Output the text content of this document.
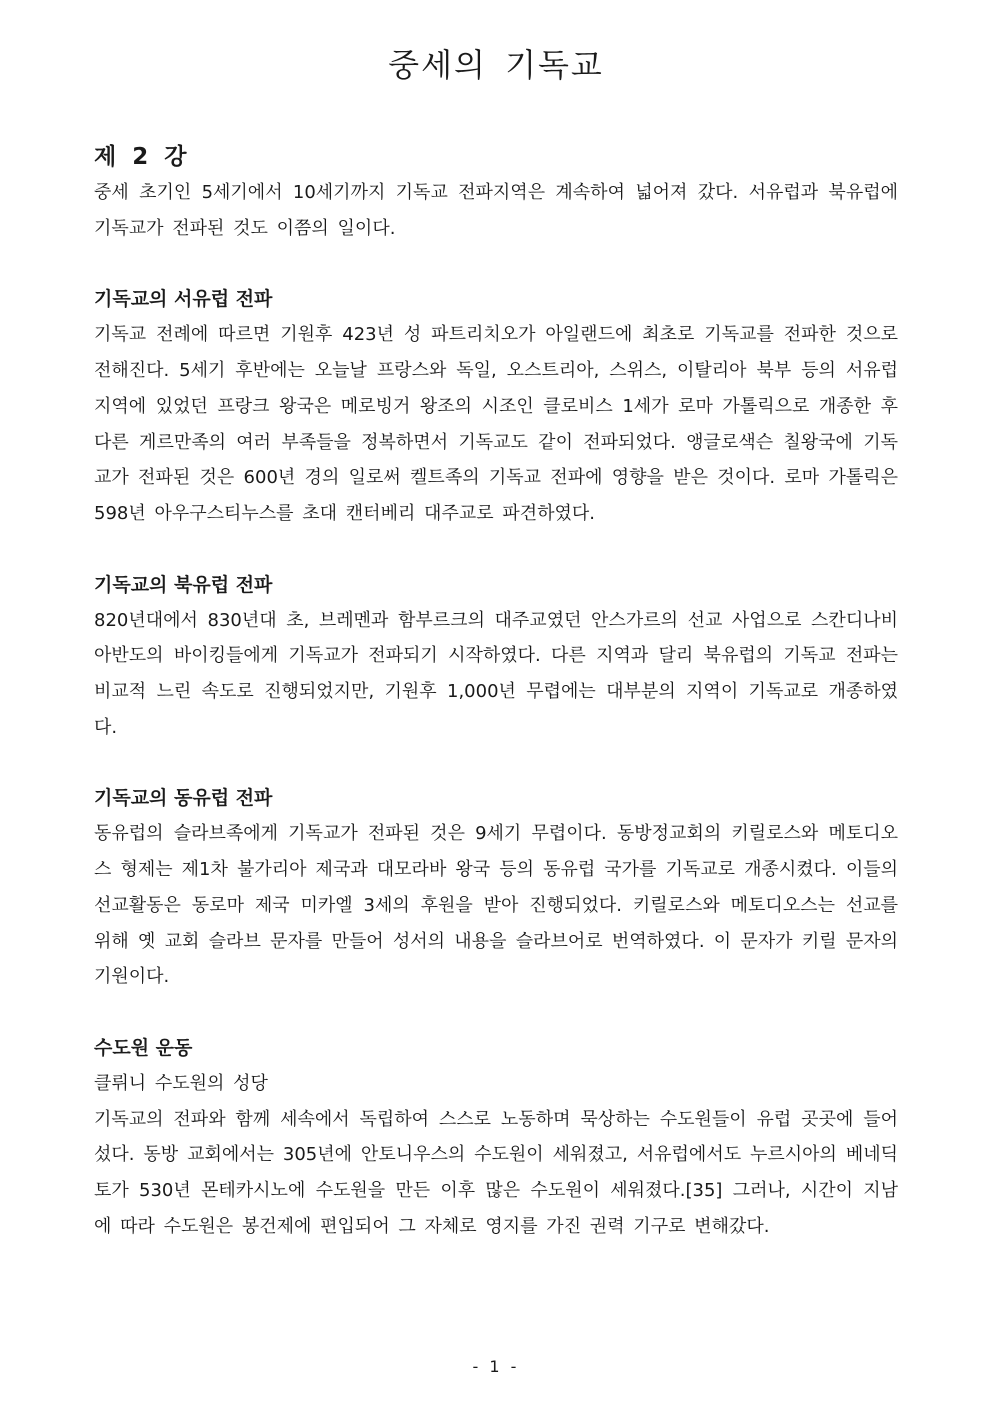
중세의 기독교
제 2 강

중세 초기인 5세기에서 10세기까지 기독교 전파지역은 계속하여 넓어져 갔다. 서유럽과 북유럽에 기독교가 전파된 것도 이쯤의 일이다.

기독교의 서유럽 전파

기독교 전례에 따르면 기원후 423년 성 파트리치오가 아일랜드에 최초로 기독교를 전파한 것으로 전해진다. 5세기 후반에는 오늘날 프랑스와 독일, 오스트리아, 스위스, 이탈리아 북부 등의 서유럽 지역에 있었던 프랑크 왕국은 메로빙거 왕조의 시조인 클로비스 1세가 로마 가톨릭으로 개종한 후 다른 게르만족의 여러 부족들을 정복하면서 기독교도 같이 전파되었다. 앵글로색슨 칠왕국에 기독교가 전파된 것은 600년 경의 일로써 켈트족의 기독교 전파에 영향을 받은 것이다. 로마 가톨릭은 598년 아우구스티누스를 초대 캔터베리 대주교로 파견하였다.

기독교의 북유럽 전파

820년대에서 830년대 초, 브레멘과 함부르크의 대주교였던 안스가르의 선교 사업으로 스칸디나비아반도의 바이킹들에게 기독교가 전파되기 시작하였다. 다른 지역과 달리 북유럽의 기독교 전파는 비교적 느린 속도로 진행되었지만, 기원후 1,000년 무렵에는 대부분의 지역이 기독교로 개종하였다.

기독교의 동유럽 전파

동유럽의 슬라브족에게 기독교가 전파된 것은 9세기 무렵이다. 동방정교회의 키릴로스와 메토디오스 형제는 제1차 불가리아 제국과 대모라바 왕국 등의 동유럽 국가를 기독교로 개종시켰다. 이들의 선교활동은 동로마 제국 미카엘 3세의 후원을 받아 진행되었다. 키릴로스와 메토디오스는 선교를 위해 옛 교회 슬라브 문자를 만들어 성서의 내용을 슬라브어로 번역하였다. 이 문자가 키릴 문자의 기원이다.

수도원 운동

클뤼니 수도원의 성당

기독교의 전파와 함께 세속에서 독립하여 스스로 노동하며 묵상하는 수도원들이 유럽 곳곳에 들어섰다. 동방 교회에서는 305년에 안토니우스의 수도원이 세워졌고, 서유럽에서도 누르시아의 베네딕토가 530년 몬테카시노에 수도원을 만든 이후 많은 수도원이 세워졌다.[35] 그러나, 시간이 지남에 따라 수도원은 봉건제에 편입되어 그 자체로 영지를 가진 권력 기구로 변해갔다.

- 1 -
